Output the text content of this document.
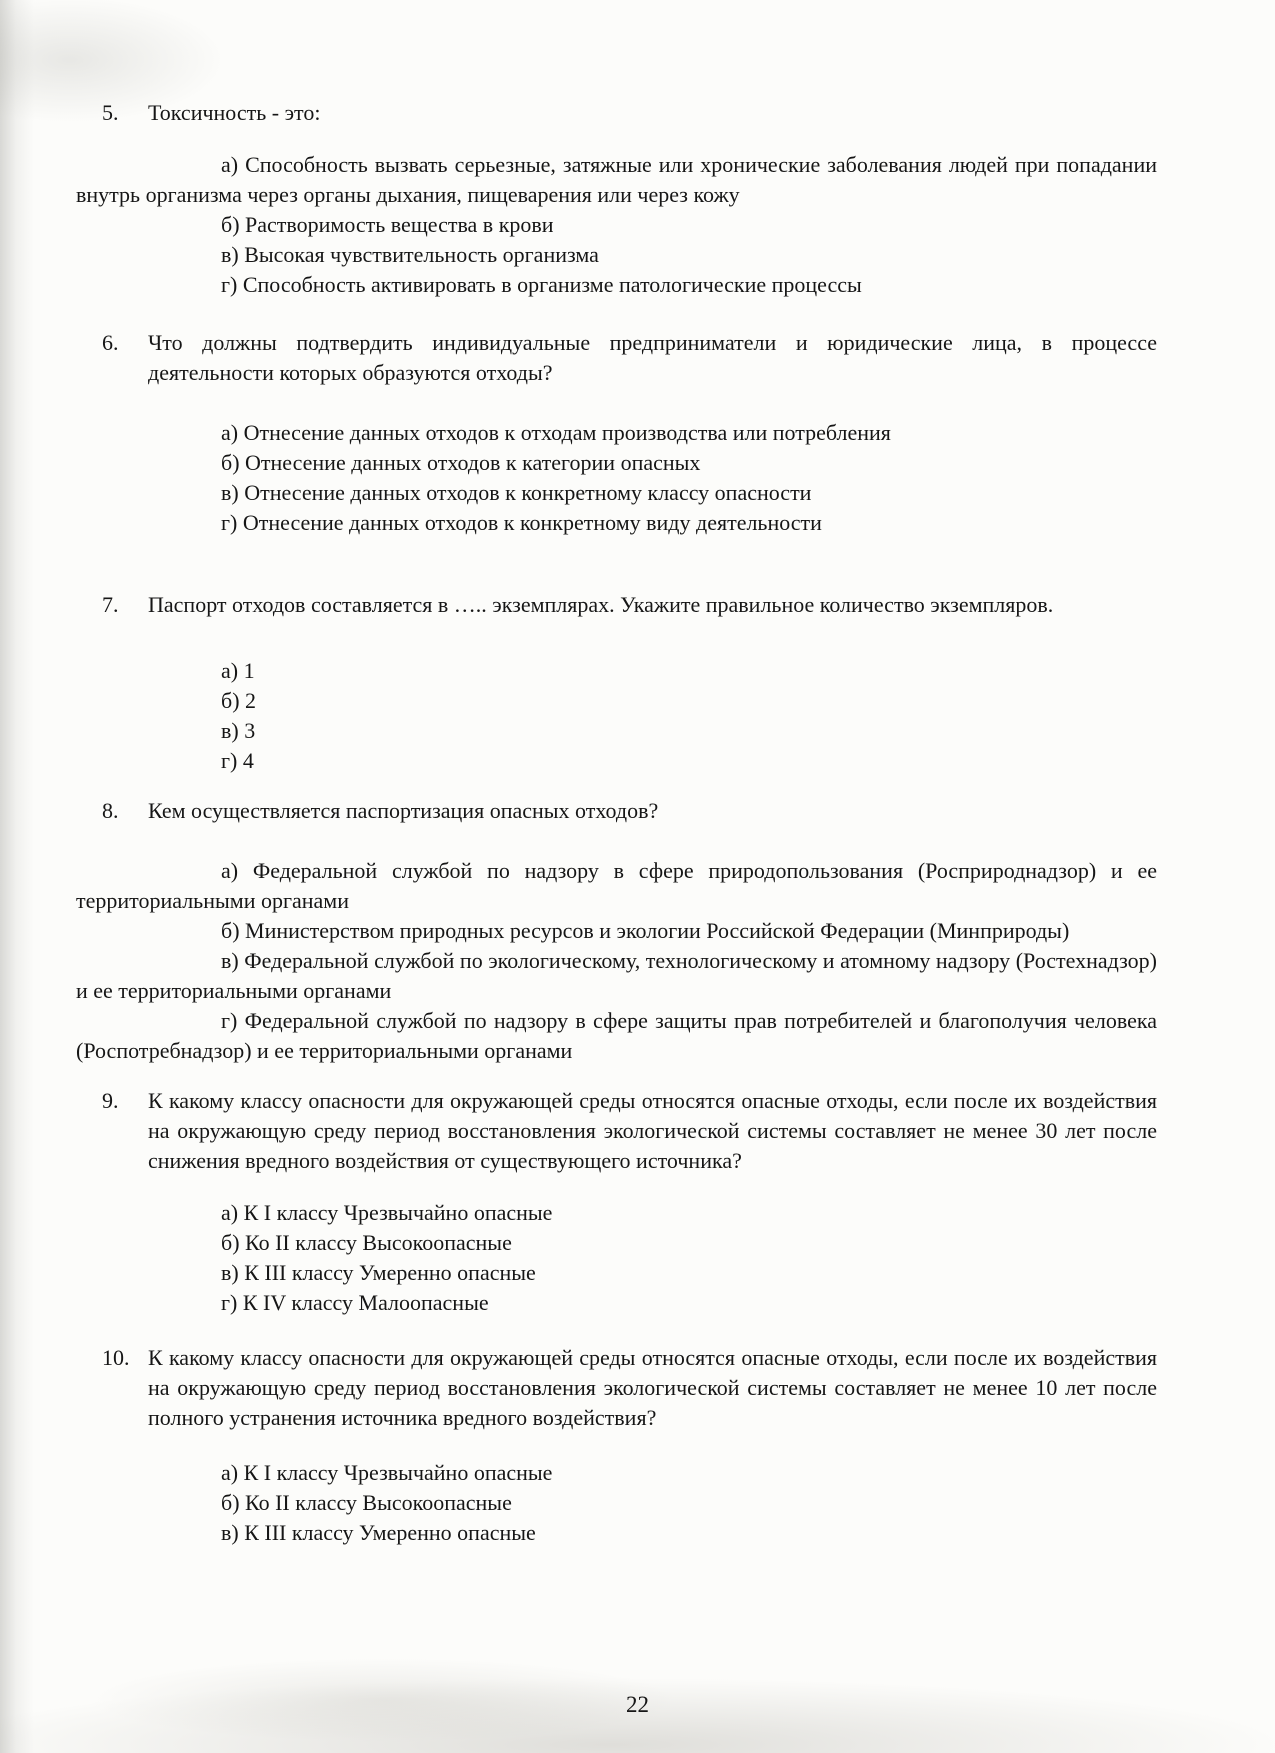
5. Токсичность - это:

а) Способность вызвать серьезные, затяжные или хронические заболевания людей при попадании внутрь организма через органы дыхания, пищеварения или через кожу

б) Растворимость вещества в крови

в) Высокая чувствительность организма

г) Способность активировать в организме патологические процессы

6. Что должны подтвердить индивидуальные предприниматели и юридические лица, в процессе деятельности которых образуются отходы?

а) Отнесение данных отходов к отходам производства или потребления

б) Отнесение данных отходов к категории опасных

в) Отнесение данных отходов к конкретному классу опасности

г) Отнесение данных отходов к конкретному виду деятельности

7. Паспорт отходов составляется в ….. экземплярах. Укажите правильное количество экземпляров.

а) 1

б) 2

в) 3

г) 4

8. Кем осуществляется паспортизация опасных отходов?

а) Федеральной службой по надзору в сфере природопользования (Росприроднадзор) и ее территориальными органами

б) Министерством природных ресурсов и экологии Российской Федерации (Минприроды)

в) Федеральной службой по экологическому, технологическому и атомному надзору (Ростехнадзор) и ее территориальными органами

г) Федеральной службой по надзору в сфере защиты прав потребителей и благополучия человека (Роспотребнадзор) и ее территориальными органами

9. К какому классу опасности для окружающей среды относятся опасные отходы, если после их воздействия на окружающую среду период восстановления экологической системы составляет не менее 30 лет после снижения вредного воздействия от существующего источника?

а) К I классу Чрезвычайно опасные

б) Ко II классу Высокоопасные

в) К III классу Умеренно опасные

г) К IV классу Малоопасные

10. К какому классу опасности для окружающей среды относятся опасные отходы, если после их воздействия на окружающую среду период восстановления экологической системы составляет не менее 10 лет после полного устранения источника вредного воздействия?

а) К I классу Чрезвычайно опасные

б) Ко II классу Высокоопасные

в) К III классу Умеренно опасные

22
